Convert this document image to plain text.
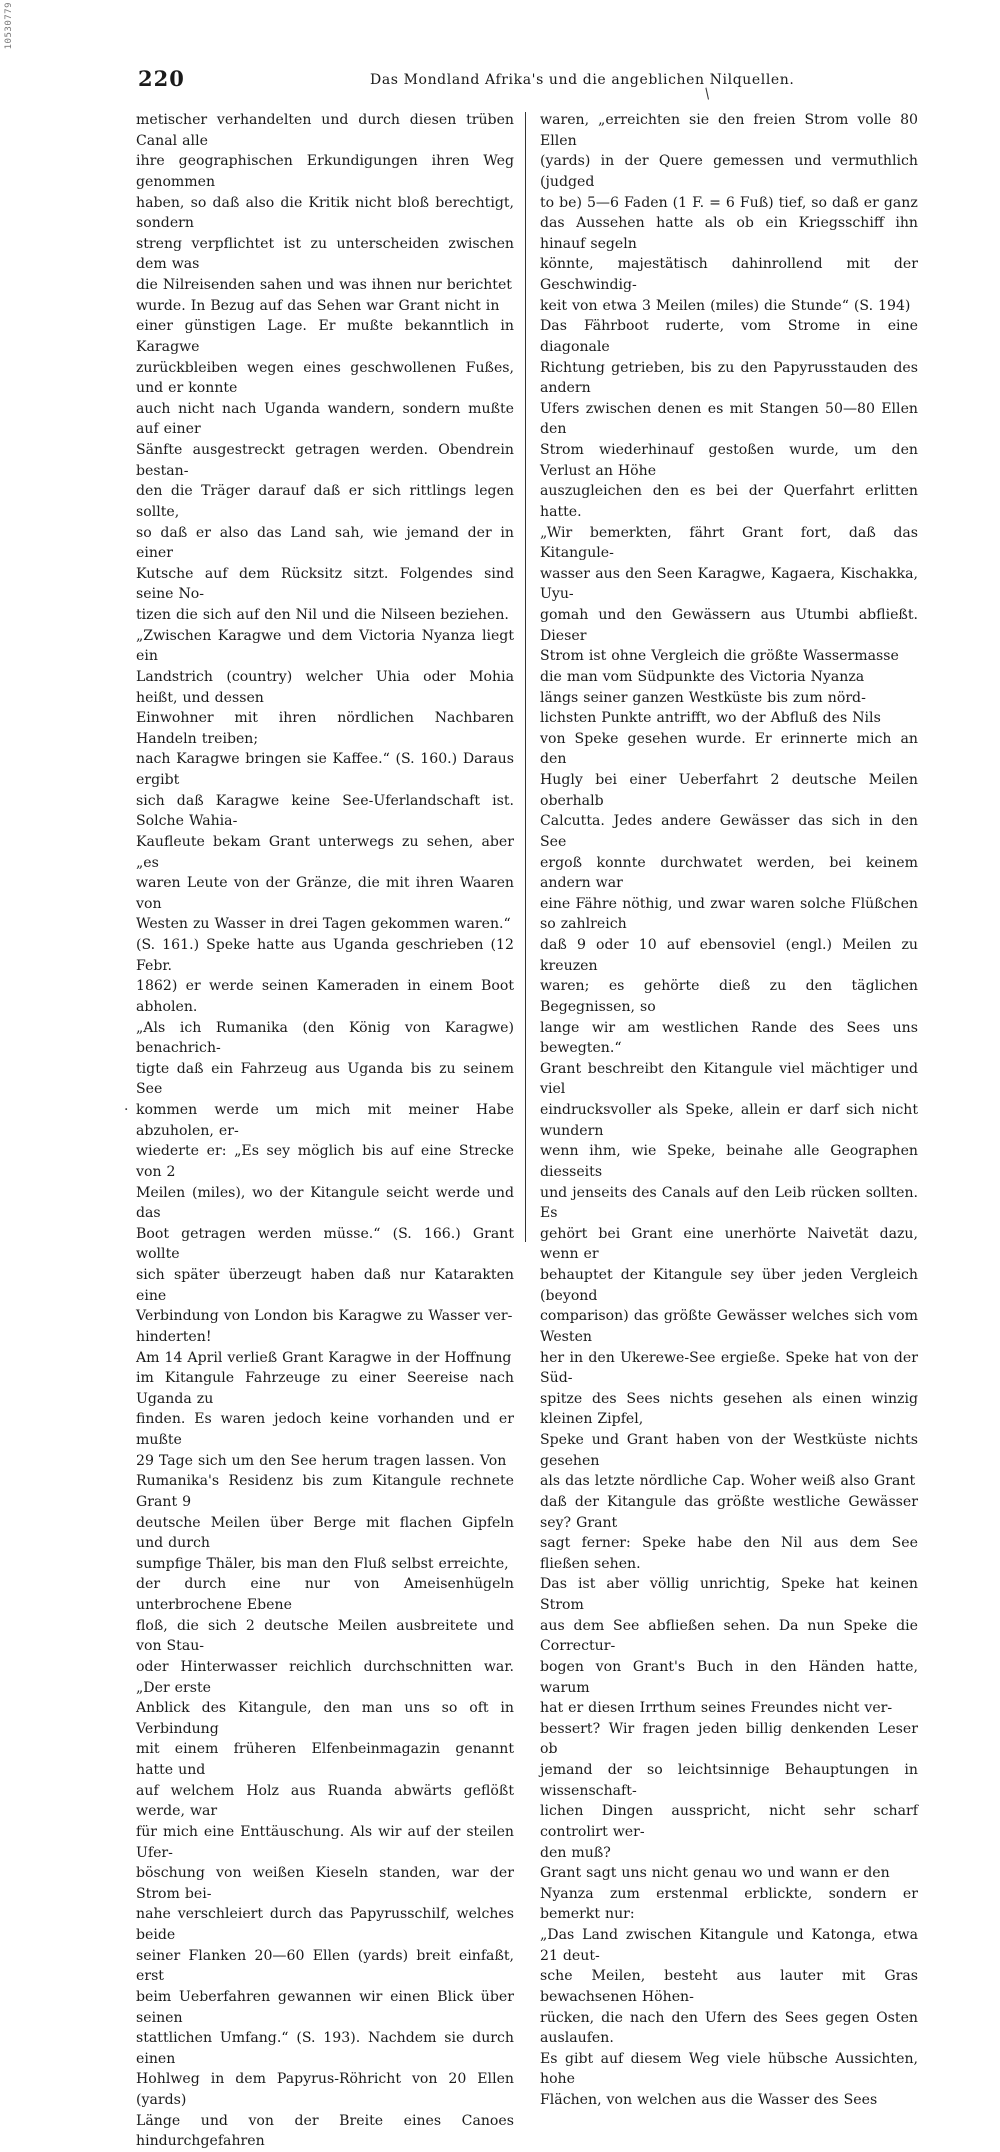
10530779
220	Das Mondland Afrika's und die angeblichen Nilquellen.

metischer verhandelten und durch diesen trüben Canal alle
ihre geographischen Erkundigungen ihren Weg genommen
haben, so daß also die Kritik nicht bloß berechtigt, sondern
streng verpflichtet ist zu unterscheiden zwischen dem was
die Nilreisenden sahen und was ihnen nur berichtet
wurde. In Bezug auf das Sehen war Grant nicht in
einer günstigen Lage. Er mußte bekanntlich in Karagwe
zurückbleiben wegen eines geschwollenen Fußes, und er konnte
auch nicht nach Uganda wandern, sondern mußte auf einer
Sänfte ausgestreckt getragen werden. Obendrein bestan-
den die Träger darauf daß er sich rittlings legen sollte,
so daß er also das Land sah, wie jemand der in einer
Kutsche auf dem Rücksitz sitzt. Folgendes sind seine No-
tizen die sich auf den Nil und die Nilseen beziehen.

„Zwischen Karagwe und dem Victoria Nyanza liegt ein
Landstrich (country) welcher Uhia oder Mohia heißt, und dessen
Einwohner mit ihren nördlichen Nachbaren Handeln treiben;
nach Karagwe bringen sie Kaffee.“ (S. 160.) Daraus ergibt
sich daß Karagwe keine See-Uferlandschaft ist. Solche Wahia-
Kaufleute bekam Grant unterwegs zu sehen, aber „es
waren Leute von der Gränze, die mit ihren Waaren von
Westen zu Wasser in drei Tagen gekommen waren.“
(S. 161.) Speke hatte aus Uganda geschrieben (12 Febr.
1862) er werde seinen Kameraden in einem Boot abholen.
„Als ich Rumanika (den König von Karagwe) benachrich-
tigte daß ein Fahrzeug aus Uganda bis zu seinem See
kommen werde um mich mit meiner Habe abzuholen, er-
wiederte er: „Es sey möglich bis auf eine Strecke von 2
Meilen (miles), wo der Kitangule seicht werde und das
Boot getragen werden müsse.“ (S. 166.) Grant wollte
sich später überzeugt haben daß nur Katarakten eine
Verbindung von London bis Karagwe zu Wasser ver-
hinderten!

Am 14 April verließ Grant Karagwe in der Hoffnung
im Kitangule Fahrzeuge zu einer Seereise nach Uganda zu
finden. Es waren jedoch keine vorhanden und er mußte
29 Tage sich um den See herum tragen lassen. Von
Rumanika's Residenz bis zum Kitangule rechnete Grant 9
deutsche Meilen über Berge mit flachen Gipfeln und durch
sumpfige Thäler, bis man den Fluß selbst erreichte,
der durch eine nur von Ameisenhügeln unterbrochene Ebene
floß, die sich 2 deutsche Meilen ausbreitete und von Stau-
oder Hinterwasser reichlich durchschnitten war. „Der erste
Anblick des Kitangule, den man uns so oft in Verbindung
mit einem früheren Elfenbeinmagazin genannt hatte und
auf welchem Holz aus Ruanda abwärts geflößt werde, war
für mich eine Enttäuschung. Als wir auf der steilen Ufer-
böschung von weißen Kieseln standen, war der Strom bei-
nahe verschleiert durch das Papyrusschilf, welches beide
seiner Flanken 20—60 Ellen (yards) breit einfaßt, erst
beim Ueberfahren gewannen wir einen Blick über seinen
stattlichen Umfang.“ (S. 193). Nachdem sie durch einen
Hohlweg in dem Papyrus-Röhricht von 20 Ellen (yards)
Länge und von der Breite eines Canoes hindurchgefahren

waren, „erreichten sie den freien Strom volle 80 Ellen
(yards) in der Quere gemessen und vermuthlich (judged
to be) 5—6 Faden (1 F. = 6 Fuß) tief, so daß er ganz
das Aussehen hatte als ob ein Kriegsschiff ihn hinauf segeln
könnte, majestätisch dahinrollend mit der Geschwindig-
keit von etwa 3 Meilen (miles) die Stunde“ (S. 194)
Das Fährboot ruderte, vom Strome in eine diagonale
Richtung getrieben, bis zu den Papyrusstauden des andern
Ufers zwischen denen es mit Stangen 50—80 Ellen den
Strom wiederhinauf gestoßen wurde, um den Verlust an Höhe
auszugleichen den es bei der Querfahrt erlitten hatte.
„Wir bemerkten, fährt Grant fort, daß das Kitangule-
wasser aus den Seen Karagwe, Kagaera, Kischakka, Uyu-
gomah und den Gewässern aus Utumbi abfließt. Dieser
Strom ist ohne Vergleich die größte Wassermasse
die man vom Südpunkte des Victoria Nyanza
längs seiner ganzen Westküste bis zum nörd-
lichsten Punkte antrifft, wo der Abfluß des Nils
von Speke gesehen wurde. Er erinnerte mich an den
Hugly bei einer Ueberfahrt 2 deutsche Meilen oberhalb
Calcutta. Jedes andere Gewässer das sich in den See
ergoß konnte durchwatet werden, bei keinem andern war
eine Fähre nöthig, und zwar waren solche Flüßchen so zahlreich
daß 9 oder 10 auf ebensoviel (engl.) Meilen zu kreuzen
waren; es gehörte dieß zu den täglichen Begegnissen, so
lange wir am westlichen Rande des Sees uns bewegten.“
Grant beschreibt den Kitangule viel mächtiger und viel
eindrucksvoller als Speke, allein er darf sich nicht wundern
wenn ihm, wie Speke, beinahe alle Geographen diesseits
und jenseits des Canals auf den Leib rücken sollten. Es
gehört bei Grant eine unerhörte Naivetät dazu, wenn er
behauptet der Kitangule sey über jeden Vergleich (beyond
comparison) das größte Gewässer welches sich vom Westen
her in den Ukerewe-See ergieße. Speke hat von der Süd-
spitze des Sees nichts gesehen als einen winzig kleinen Zipfel,
Speke und Grant haben von der Westküste nichts gesehen
als das letzte nördliche Cap. Woher weiß also Grant
daß der Kitangule das größte westliche Gewässer sey? Grant
sagt ferner: Speke habe den Nil aus dem See fließen sehen.
Das ist aber völlig unrichtig, Speke hat keinen Strom
aus dem See abfließen sehen. Da nun Speke die Correctur-
bogen von Grant's Buch in den Händen hatte, warum
hat er diesen Irrthum seines Freundes nicht ver-
bessert? Wir fragen jeden billig denkenden Leser ob
jemand der so leichtsinnige Behauptungen in wissenschaft-
lichen Dingen ausspricht, nicht sehr scharf controlirt wer-
den muß?

Grant sagt uns nicht genau wo und wann er den
Nyanza zum erstenmal erblickte, sondern er bemerkt nur:
„Das Land zwischen Kitangule und Katonga, etwa 21 deut-
sche Meilen, besteht aus lauter mit Gras bewachsenen Höhen-
rücken, die nach den Ufern des Sees gegen Osten auslaufen.
Es gibt auf diesem Weg viele hübsche Aussichten, hohe
Flächen, von welchen aus die Wasser des Sees

/
·
